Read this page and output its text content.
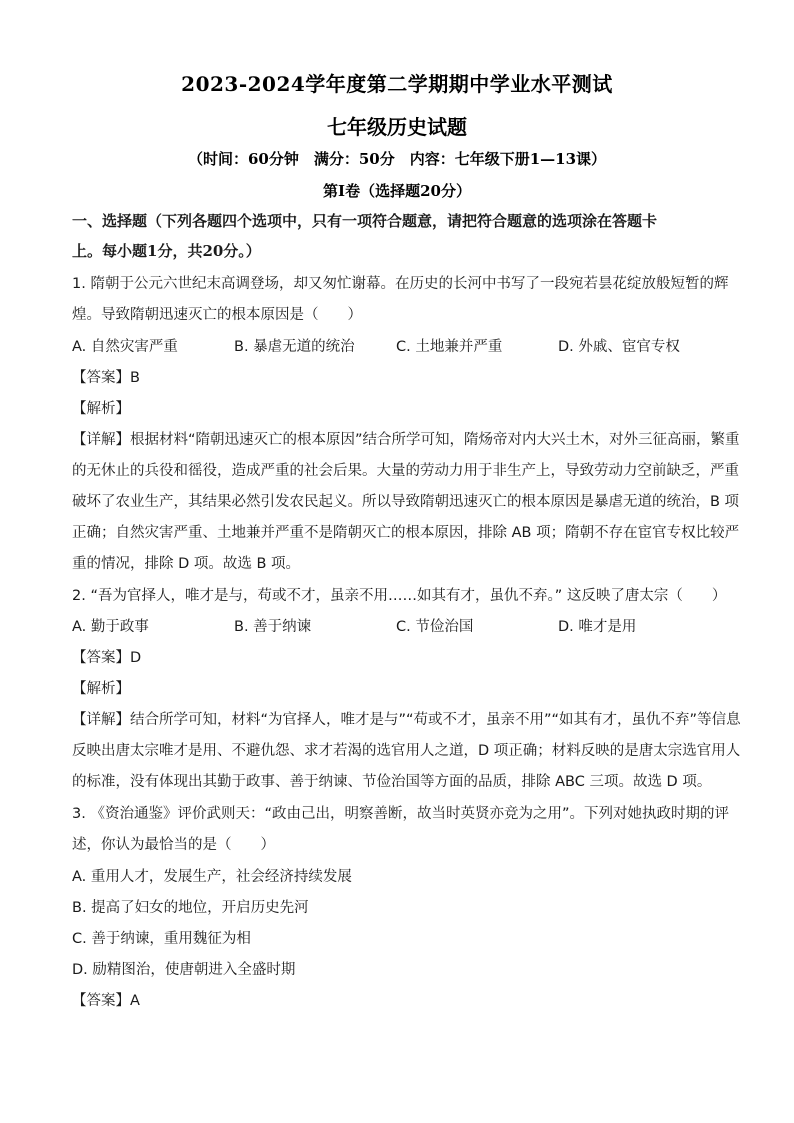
2023-2024学年度第二学期期中学业水平测试
七年级历史试题
（时间：60分钟　满分：50分　内容：七年级下册1—13课）
第Ⅰ卷（选择题20分）
一、选择题（下列各题四个选项中，只有一项符合题意，请把符合题意的选项涂在答题卡
上。每小题1分，共20分。）
1. 隋朝于公元六世纪末高调登场，却又匆忙谢幕。在历史的长河中书写了一段宛若昙花绽放般短暂的辉
煌。导致隋朝迅速灭亡的根本原因是（　　）
A. 自然灾害严重	B. 暴虐无道的统治	C. 土地兼并严重	D. 外戚、宦官专权
【答案】B
【解析】
【详解】根据材料“隋朝迅速灭亡的根本原因”结合所学可知，隋炀帝对内大兴土木，对外三征高丽，繁重
的无休止的兵役和徭役，造成严重的社会后果。大量的劳动力用于非生产上，导致劳动力空前缺乏，严重
破坏了农业生产，其结果必然引发农民起义。所以导致隋朝迅速灭亡的根本原因是暴虐无道的统治，B 项
正确；自然灾害严重、土地兼并严重不是隋朝灭亡的根本原因，排除 AB 项；隋朝不存在宦官专权比较严
重的情况，排除 D 项。故选 B 项。
2. “吾为官择人，唯才是与，苟或不才，虽亲不用……如其有才，虽仇不弃。” 这反映了唐太宗（　　）
A. 勤于政事	B. 善于纳谏	C. 节俭治国	D. 唯才是用
【答案】D
【解析】
【详解】结合所学可知，材料“为官择人，唯才是与”“苟或不才，虽亲不用”“如其有才，虽仇不弃”等信息
反映出唐太宗唯才是用、不避仇怨、求才若渴的选官用人之道，D 项正确；材料反映的是唐太宗选官用人
的标准，没有体现出其勤于政事、善于纳谏、节俭治国等方面的品质，排除 ABC 三项。故选 D 项。
3. 《资治通鉴》评价武则天：“政由己出，明察善断，故当时英贤亦竞为之用”。下列对她执政时期的评
述，你认为最恰当的是（　　）
A. 重用人才，发展生产，社会经济持续发展
B. 提高了妇女的地位，开启历史先河
C. 善于纳谏，重用魏征为相
D. 励精图治，使唐朝进入全盛时期
【答案】A
